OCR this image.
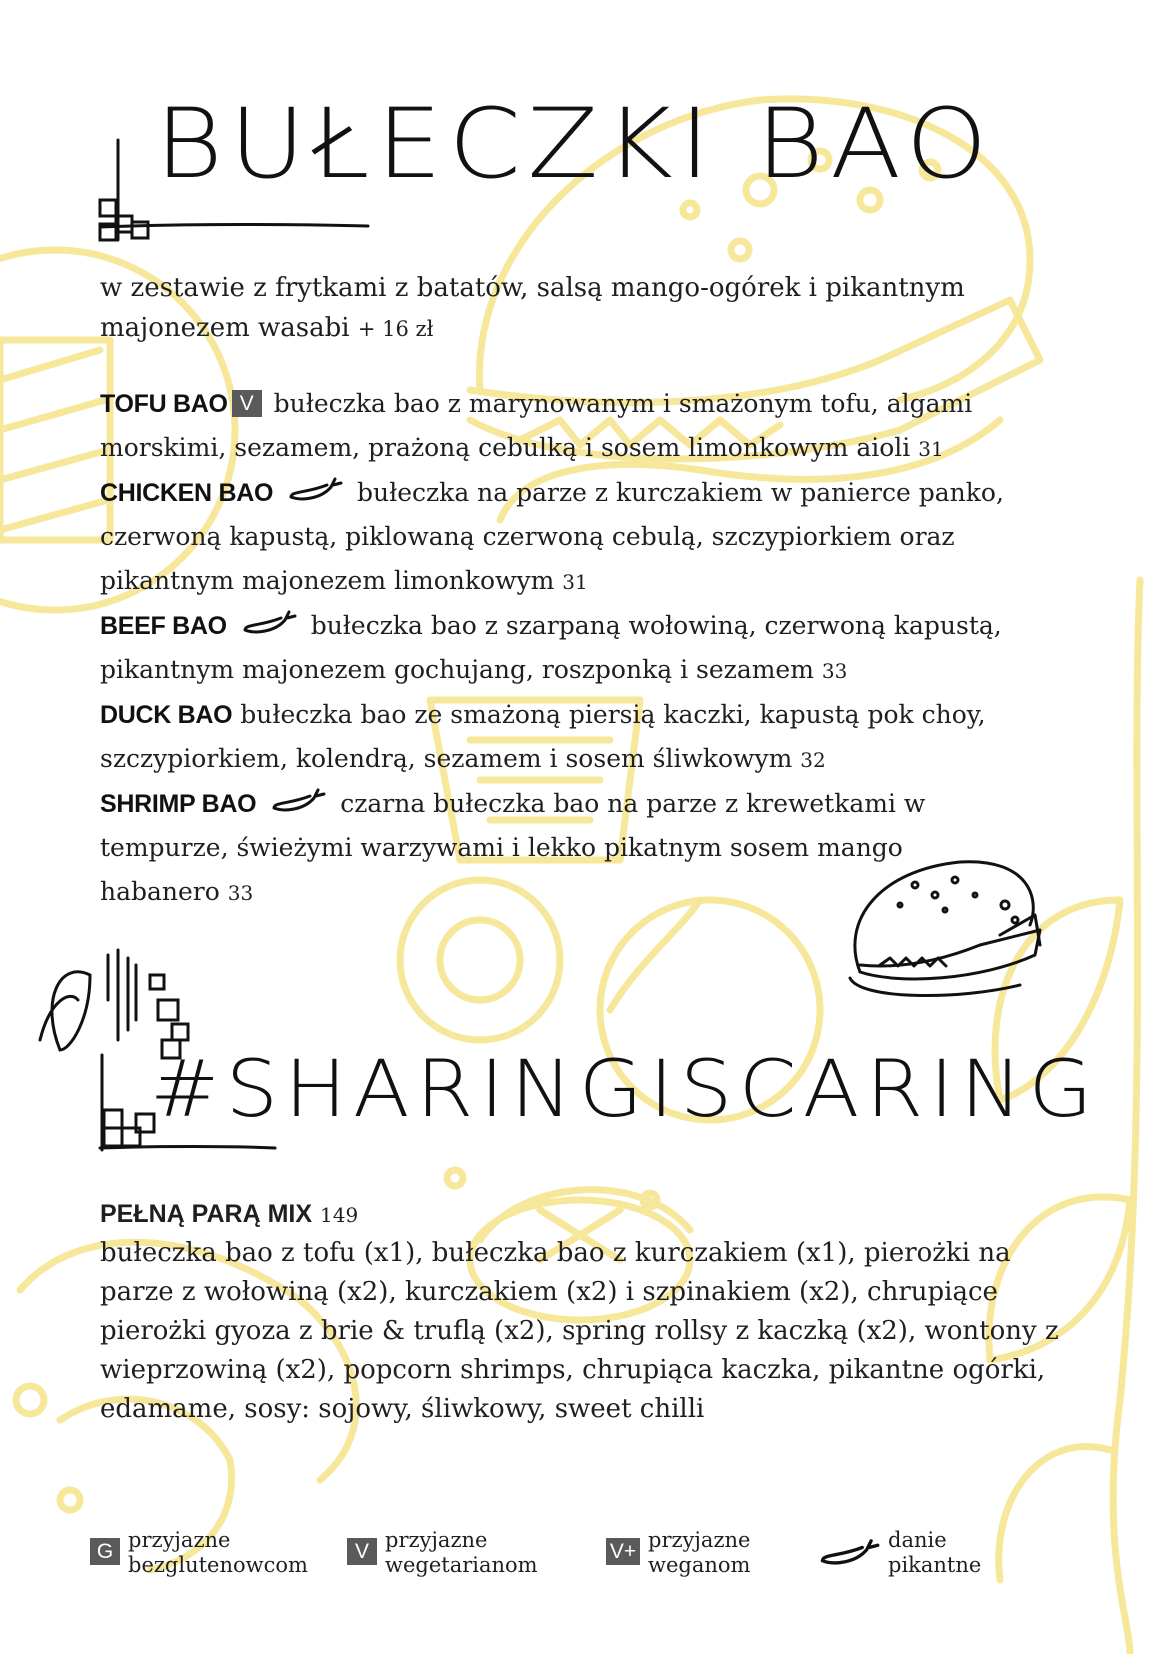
BUŁECZKI BAO
w zestawie z frytkami z batatów, salsą mango-ogórek i pikantnym majonezem wasabi + 16 zł
TOFU BAO V bułeczka bao z marynowanym i smażonym tofu, algami morskimi, sezamem, prażoną cebulką i sosem limonkowym aioli 31
CHICKEN BAO	bułeczka na parze z kurczakiem w panierce panko, czerwoną kapustą, piklowaną czerwoną cebulą, szczypiorkiem oraz pikantnym majonezem limonkowym 31
BEEF BAO	bułeczka bao z szarpaną wołowiną, czerwoną kapustą, pikantnym majonezem gochujang, roszponką i sezamem 33
DUCK BAO bułeczka bao ze smażoną piersią kaczki, kapustą pok choy, szczypiorkiem, kolendrą, sezamem i sosem śliwkowym 32
SHRIMP BAO	czarna bułeczka bao na parze z krewetkami w tempurze, świeżymi warzywami i lekko pikatnym sosem mango habanero 33
#SHARINGISCARING
PEŁNĄ PARĄ MIX 149
bułeczka bao z tofu (x1), bułeczka bao z kurczakiem (x1), pierożki na parze z wołowiną (x2), kurczakiem (x2) i szpinakiem (x2), chrupiące pierożki gyoza z brie & truflą (x2), spring rollsy z kaczką (x2), wontony z wieprzowiną (x2), popcorn shrimps, chrupiąca kaczka, pikantne ogórki, edamame, sosy: sojowy, śliwkowy, sweet chilli
G przyjazne
bezglutenowcom
V przyjazne
wegetarianom
V+ przyjazne
weganom
danie
pikantne
